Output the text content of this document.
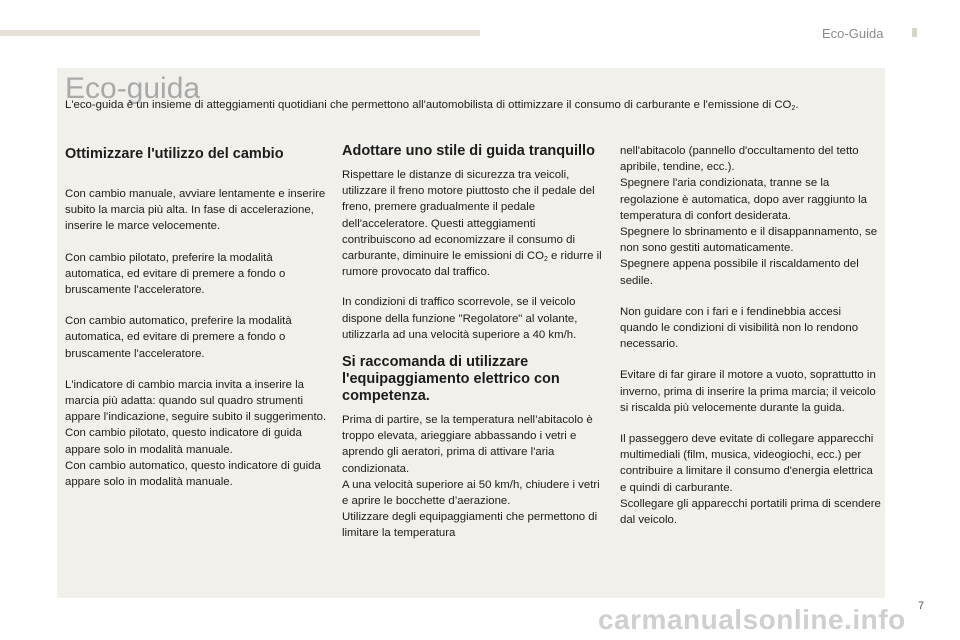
Eco-Guida
Eco-guida
L'eco-guida è un insieme di atteggiamenti quotidiani che permettono all'automobilista di ottimizzare il consumo di carburante e l'emissione di $CO_2$.
Ottimizzare l'utilizzo del cambio

Con cambio manuale, avviare lentamente e inserire subito la marcia più alta. In fase di accelerazione, inserire le marce velocemente.

Con cambio pilotato, preferire la modalità automatica, ed evitare di premere a fondo o bruscamente l'acceleratore.

Con cambio automatico, preferire la modalità automatica, ed evitare di premere a fondo o bruscamente l'acceleratore.

L'indicatore di cambio marcia invita a inserire la marcia più adatta: quando sul quadro strumenti appare l'indicazione, seguire subito il suggerimento.
Con cambio pilotato, questo indicatore di guida appare solo in modalità manuale.
Con cambio automatico, questo indicatore di guida appare solo in modalità manuale.

Adottare uno stile di guida tranquillo

Rispettare le distanze di sicurezza tra veicoli, utilizzare il freno motore piuttosto che il pedale del freno, premere gradualmente il pedale dell'acceleratore. Questi atteggiamenti contribuiscono ad economizzare il consumo di carburante, diminuire le emissioni di $CO_2$ e ridurre il rumore provocato dal traffico.

In condizioni di traffico scorrevole, se il veicolo dispone della funzione "Regolatore" al volante, utilizzarla ad una velocità superiore a 40 km/h.

Si raccomanda di utilizzare l'equipaggiamento elettrico con competenza.

Prima di partire, se la temperatura nell’abitacolo è troppo elevata, arieggiare abbassando i vetri e aprendo gli aeratori, prima di attivare l'aria condizionata.
A una velocità superiore ai 50 km/h, chiudere i vetri e aprire le bocchette d’aerazione.
Utilizzare degli equipaggiamenti che permettono di limitare la temperatura

nell'abitacolo (pannello d'occultamento del tetto apribile, tendine, ecc.).
Spegnere l'aria condizionata, tranne se la regolazione è automatica, dopo aver raggiunto la temperatura di confort desiderata.
Spegnere lo sbrinamento e il disappannamento, se non sono gestiti automaticamente.
Spegnere appena possibile il riscaldamento del sedile.

Non guidare con i fari e i fendinebbia accesi quando le condizioni di visibilità non lo rendono necessario.

Evitare di far girare il motore a vuoto, soprattutto in inverno, prima di inserire la prima marcia; il veicolo si riscalda più velocemente durante la guida.

Il passeggero deve evitate di collegare apparecchi multimediali (film, musica, videogiochi, ecc.) per contribuire a limitare il consumo d'energia elettrica e quindi di carburante.
Scollegare gli apparecchi portatili prima di scendere dal veicolo.

7
carmanualsonline.info
